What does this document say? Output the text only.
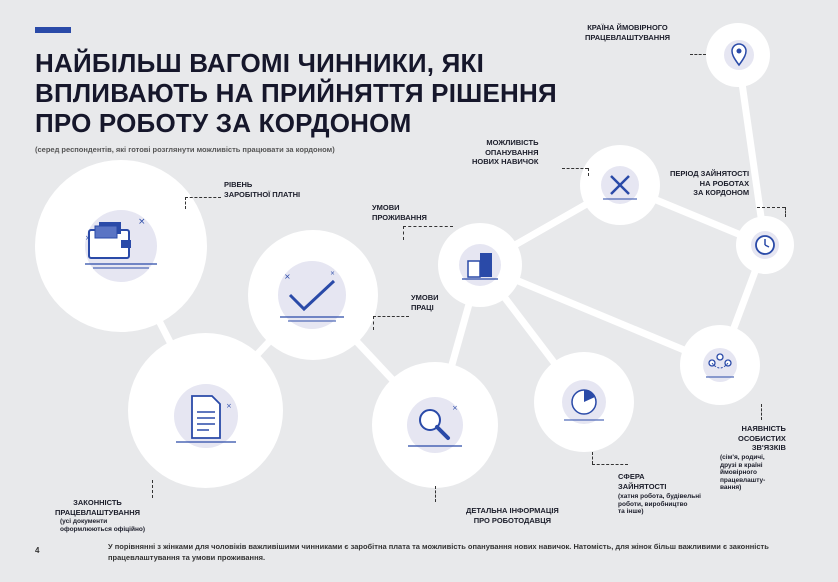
НАЙБІЛЬШ ВАГОМІ ЧИННИКИ, ЯКІ
ВПЛИВАЮТЬ НА ПРИЙНЯТТЯ РІШЕННЯ
ПРО РОБОТУ ЗА КОРДОНОМ
(серед респондентів, які готові розглянути можливість працювати за кордоном)
×
×
×	×
×	×
РІВЕНЬ
ЗАРОБІТНОЇ ПЛАТНІ
УМОВИ
ПРАЦІ
УМОВИ
ПРОЖИВАННЯ
МОЖЛИВІСТЬ
ОПАНУВАННЯ
НОВИХ НАВИЧОК
КРАЇНА ЙМОВІРНОГО
ПРАЦЕВЛАШТУВАННЯ
ПЕРІОД ЗАЙНЯТОСТІ
НА РОБОТАХ
ЗА КОРДОНОМ
ЗАКОННІСТЬ
ПРАЦЕВЛАШТУВАННЯ
(усі документи
оформлюються офіційно)
ДЕТАЛЬНА ІНФОРМАЦІЯ
ПРО РОБОТОДАВЦЯ
СФЕРА
ЗАЙНЯТОСТІ
(хатня робота, будівельні
роботи, виробництво
та інше)
НАЯВНІСТЬ
ОСОБИСТИХ
ЗВ'ЯЗКІВ
(сім'я, родичі,
друзі в країні
ймовірного
працевлашту-
вання)
4	У порівнянні з жінками для чоловіків важливішими чинниками є заробітна плата та можливість опанування нових навичок. Натомість, для жінок більш важливими є законність працевлаштування та умови проживання.
